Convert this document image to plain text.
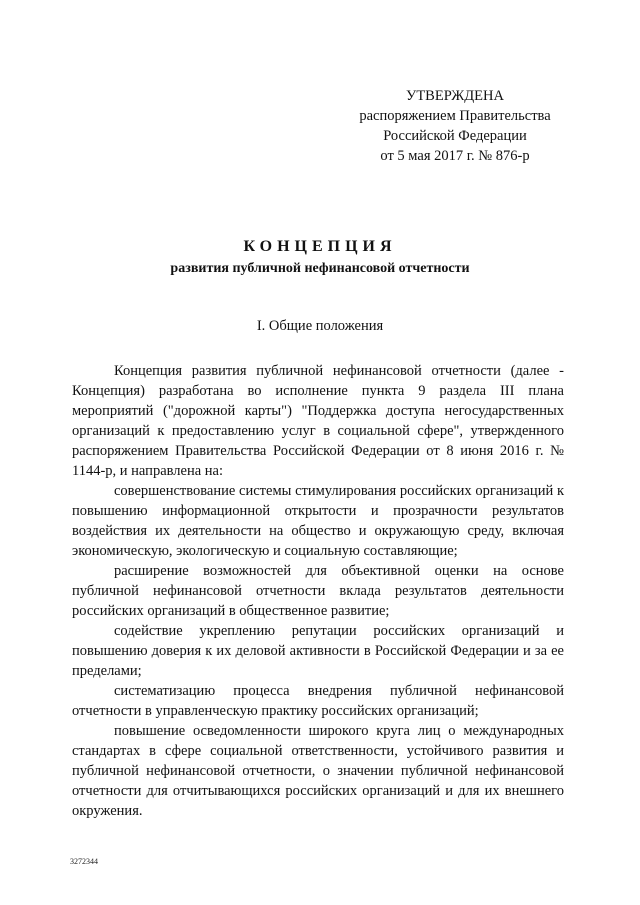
УТВЕРЖДЕНА
распоряжением Правительства
Российской Федерации
от 5 мая 2017 г. № 876-р
КОНЦЕПЦИЯ
развития публичной нефинансовой отчетности
I. Общие положения

Концепция развития публичной нефинансовой отчетности (далее - Концепция) разработана во исполнение пункта 9 раздела III плана мероприятий ("дорожной карты") "Поддержка доступа негосударственных организаций к предоставлению услуг в социальной сфере", утвержденного распоряжением Правительства Российской Федерации от 8 июня 2016 г. № 1144-р, и направлена на:

совершенствование системы стимулирования российских организаций к повышению информационной открытости и прозрачности результатов воздействия их деятельности на общество и окружающую среду, включая экономическую, экологическую и социальную составляющие;

расширение возможностей для объективной оценки на основе публичной нефинансовой отчетности вклада результатов деятельности российских организаций в общественное развитие;

содействие укреплению репутации российских организаций и повышению доверия к их деловой активности в Российской Федерации и за ее пределами;

систематизацию процесса внедрения публичной нефинансовой отчетности в управленческую практику российских организаций;

повышение осведомленности широкого круга лиц о международных стандартах в сфере социальной ответственности, устойчивого развития и публичной нефинансовой отчетности, о значении публичной нефинансовой отчетности для отчитывающихся российских организаций и для их внешнего окружения.

3272344
